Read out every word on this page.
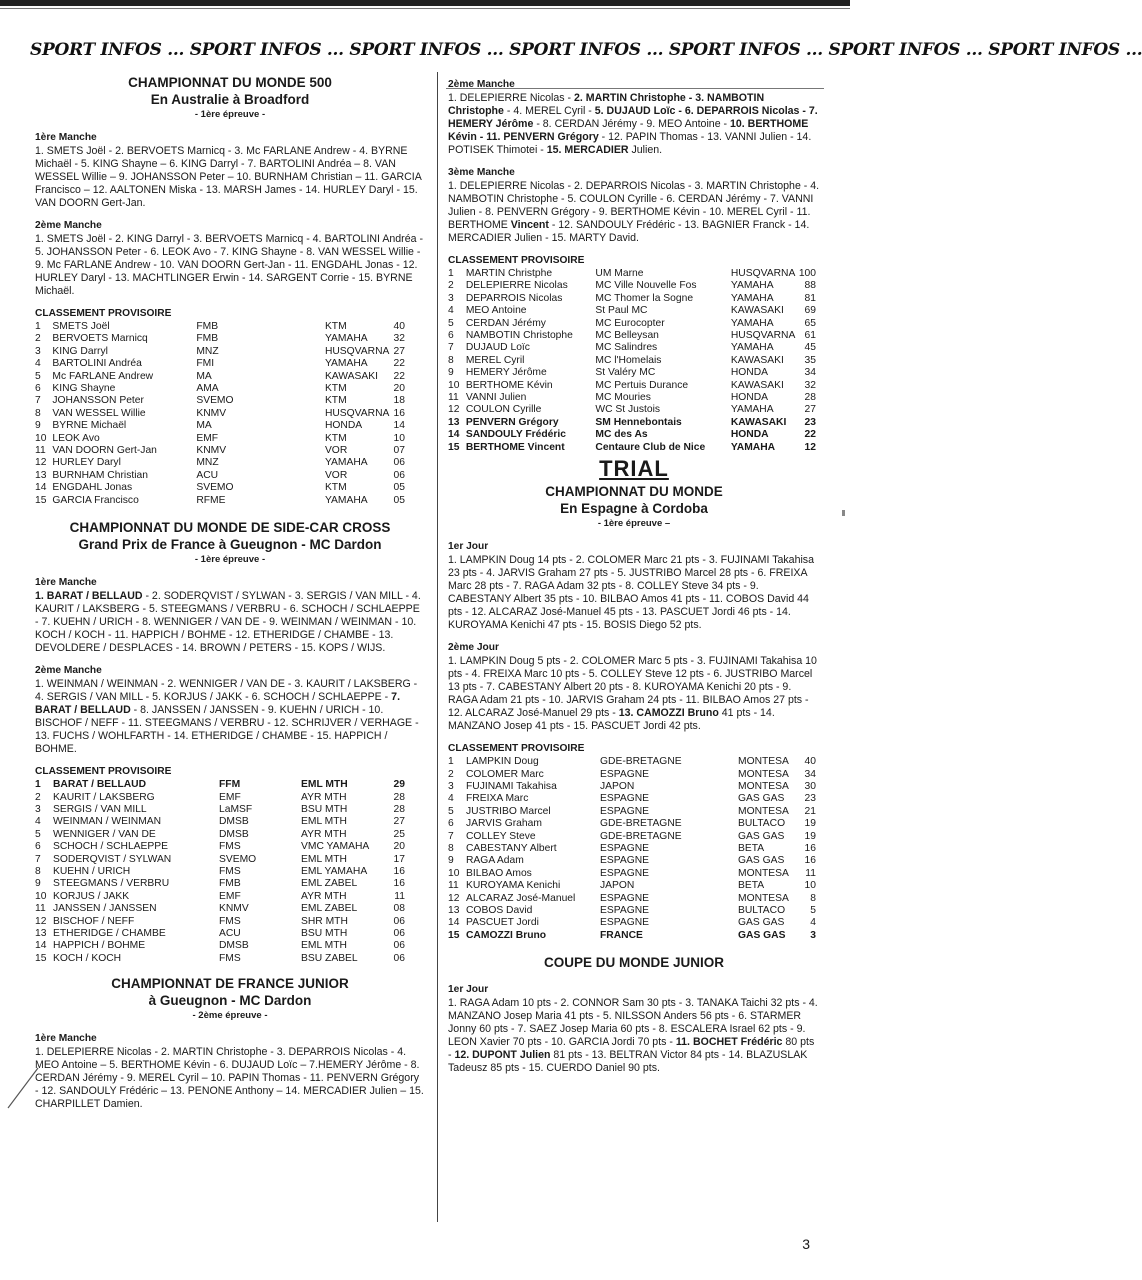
SPORT INFOS ... SPORT INFOS ... SPORT INFOS ... SPORT INFOS ... SPORT INFOS ... SPORT INFOS ... SPORT INFOS ...
CHAMPIONNAT DU MONDE 500
En Australie à Broadford
- 1ère épreuve -
1ère Manche

1. SMETS Joël - 2. BERVOETS Marnicq - 3. Mc FARLANE Andrew - 4. BYRNE Michaël - 5. KING Shayne – 6. KING Darryl - 7. BARTOLINI Andréa – 8. VAN WESSEL Willie – 9. JOHANSSON Peter – 10. BURNHAM Christian – 11. GARCIA Francisco – 12. AALTONEN Miska - 13. MARSH James - 14. HURLEY Daryl - 15. VAN DOORN Gert-Jan.

2ème Manche

1. SMETS Joël - 2. KING Darryl - 3. BERVOETS Marnicq - 4. BARTOLINI Andréa - 5. JOHANSSON Peter - 6. LEOK Avo - 7. KING Shayne - 8. VAN WESSEL Willie - 9. Mc FARLANE Andrew - 10. VAN DOORN Gert-Jan - 11. ENGDAHL Jonas - 12. HURLEY Daryl - 13. MACHTLINGER Erwin - 14. SARGENT Corrie - 15. BYRNE Michaël.

CLASSEMENT PROVISOIRE
1	SMETS Joël	FMB	KTM	40
2	BERVOETS Marnicq	FMB	YAMAHA	32
3	KING Darryl	MNZ	HUSQVARNA	27
4	BARTOLINI Andréa	FMI	YAMAHA	22
5	Mc FARLANE Andrew	MA	KAWASAKI	22
6	KING Shayne	AMA	KTM	20
7	JOHANSSON Peter	SVEMO	KTM	18
8	VAN WESSEL Willie	KNMV	HUSQVARNA	16
9	BYRNE Michaël	MA	HONDA	14
10	LEOK Avo	EMF	KTM	10
11	VAN DOORN Gert-Jan	KNMV	VOR	07
12	HURLEY Daryl	MNZ	YAMAHA	06
13	BURNHAM Christian	ACU	VOR	06
14	ENGDAHL Jonas	SVEMO	KTM	05
15	GARCIA Francisco	RFME	YAMAHA	05
CHAMPIONNAT DU MONDE DE SIDE-CAR CROSS
Grand Prix de France à Gueugnon - MC Dardon
- 1ère épreuve -
1ère Manche

1. BARAT / BELLAUD - 2. SODERQVIST / SYLWAN - 3. SERGIS / VAN MILL - 4. KAURIT / LAKSBERG - 5. STEEGMANS / VERBRU - 6. SCHOCH / SCHLAEPPE - 7. KUEHN / URICH - 8. WENNIGER / VAN DE - 9. WEINMAN / WEINMAN - 10. KOCH / KOCH - 11. HAPPICH / BOHME - 12. ETHERIDGE / CHAMBE - 13. DEVOLDERE / DESPLACES - 14. BROWN / PETERS - 15. KOPS / WIJS.

2ème Manche

1. WEINMAN / WEINMAN - 2. WENNIGER / VAN DE - 3. KAURIT / LAKSBERG - 4. SERGIS / VAN MILL - 5. KORJUS / JAKK - 6. SCHOCH / SCHLAEPPE - 7. BARAT / BELLAUD - 8. JANSSEN / JANSSEN - 9. KUEHN / URICH - 10. BISCHOF / NEFF - 11. STEEGMANS / VERBRU - 12. SCHRIJVER / VERHAGE - 13. FUCHS / WOHLFARTH - 14. ETHERIDGE / CHAMBE - 15. HAPPICH / BOHME.

CLASSEMENT PROVISOIRE
1	BARAT / BELLAUD	FFM	EML MTH	29
2	KAURIT / LAKSBERG	EMF	AYR MTH	28
3	SERGIS / VAN MILL	LaMSF	BSU MTH	28
4	WEINMAN / WEINMAN	DMSB	EML MTH	27
5	WENNIGER / VAN DE	DMSB	AYR MTH	25
6	SCHOCH / SCHLAEPPE	FMS	VMC YAMAHA	20
7	SODERQVIST / SYLWAN	SVEMO	EML MTH	17
8	KUEHN / URICH	FMS	EML YAMAHA	16
9	STEEGMANS / VERBRU	FMB	EML ZABEL	16
10	KORJUS / JAKK	EMF	AYR MTH	11
11	JANSSEN / JANSSEN	KNMV	EML ZABEL	08
12	BISCHOF / NEFF	FMS	SHR MTH	06
13	ETHERIDGE / CHAMBE	ACU	BSU MTH	06
14	HAPPICH / BOHME	DMSB	EML MTH	06
15	KOCH / KOCH	FMS	BSU ZABEL	06
CHAMPIONNAT DE FRANCE JUNIOR
à Gueugnon - MC Dardon
- 2ème épreuve -
1ère Manche

1. DELEPIERRE Nicolas - 2. MARTIN Christophe - 3. DEPARROIS Nicolas - 4. MEO Antoine – 5. BERTHOME Kévin - 6. DUJAUD Loïc – 7.HEMERY Jérôme - 8. CERDAN Jérémy - 9. MEREL Cyril – 10. PAPIN Thomas - 11. PENVERN Grégory - 12. SANDOULY Frédéric – 13. PENONE Anthony – 14. MERCADIER Julien – 15. CHARPILLET Damien.

2ème Manche

1. DELEPIERRE Nicolas - 2. MARTIN Christophe - 3. NAMBOTIN Christophe - 4. MEREL Cyril - 5. DUJAUD Loïc - 6. DEPARROIS Nicolas - 7. HEMERY Jérôme - 8. CERDAN Jérémy - 9. MEO Antoine - 10. BERTHOME Kévin - 11. PENVERN Grégory - 12. PAPIN Thomas - 13. VANNI Julien - 14. POTISEK Thimotei - 15. MERCADIER Julien.

3ème Manche

1. DELEPIERRE Nicolas - 2. DEPARROIS Nicolas - 3. MARTIN Christophe - 4. NAMBOTIN Christophe - 5. COULON Cyrille - 6. CERDAN Jérémy - 7. VANNI Julien - 8. PENVERN Grégory - 9. BERTHOME Kévin - 10. MEREL Cyril - 11. BERTHOME Vincent - 12. SANDOULY Frédéric - 13. BAGNIER Franck - 14. MERCADIER Julien - 15. MARTY David.

CLASSEMENT PROVISOIRE
1	MARTIN Christphe	UM Marne	HUSQVARNA	100
2	DELEPIERRE Nicolas	MC Ville Nouvelle Fos	YAMAHA	88
3	DEPARROIS Nicolas	MC Thomer la Sogne	YAMAHA	81
4	MEO Antoine	St Paul MC	KAWASAKI	69
5	CERDAN Jérémy	MC Eurocopter	YAMAHA	65
6	NAMBOTIN Christophe	MC Belleysan	HUSQVARNA	61
7	DUJAUD Loïc	MC Salindres	YAMAHA	45
8	MEREL Cyril	MC l'Homelais	KAWASAKI	35
9	HEMERY Jérôme	St Valéry MC	HONDA	34
10	BERTHOME Kévin	MC Pertuis Durance	KAWASAKI	32
11	VANNI Julien	MC Mouries	HONDA	28
12	COULON Cyrille	WC St Justois	YAMAHA	27
13	PENVERN Grégory	SM Hennebontais	KAWASAKI	23
14	SANDOULY Frédéric	MC des As	HONDA	22
15	BERTHOME Vincent	Centaure Club de Nice	YAMAHA	12
TRIAL
CHAMPIONNAT DU MONDE
En Espagne à Cordoba
- 1ère épreuve –
1er Jour

1. LAMPKIN Doug 14 pts - 2. COLOMER Marc 21 pts - 3. FUJINAMI Takahisa 23 pts - 4. JARVIS Graham 27 pts - 5. JUSTRIBO Marcel 28 pts - 6. FREIXA Marc 28 pts - 7. RAGA Adam 32 pts - 8. COLLEY Steve 34 pts - 9. CABESTANY Albert 35 pts - 10. BILBAO Amos 41 pts - 11. COBOS David 44 pts - 12. ALCARAZ José-Manuel 45 pts - 13. PASCUET Jordi 46 pts - 14. KUROYAMA Kenichi 47 pts - 15. BOSIS Diego 52 pts.

2ème Jour

1. LAMPKIN Doug 5 pts - 2. COLOMER Marc 5 pts - 3. FUJINAMI Takahisa 10 pts - 4. FREIXA Marc 10 pts - 5. COLLEY Steve 12 pts - 6. JUSTRIBO Marcel 13 pts - 7. CABESTANY Albert 20 pts - 8. KUROYAMA Kenichi 20 pts - 9. RAGA Adam 21 pts - 10. JARVIS Graham 24 pts - 11. BILBAO Amos 27 pts - 12. ALCARAZ José-Manuel 29 pts - 13. CAMOZZI Bruno 41 pts - 14. MANZANO Josep 41 pts - 15. PASCUET Jordi 42 pts.

CLASSEMENT PROVISOIRE
1	LAMPKIN Doug	GDE-BRETAGNE	MONTESA	40
2	COLOMER Marc	ESPAGNE	MONTESA	34
3	FUJINAMI Takahisa	JAPON	MONTESA	30
4	FREIXA Marc	ESPAGNE	GAS GAS	23
5	JUSTRIBO Marcel	ESPAGNE	MONTESA	21
6	JARVIS Graham	GDE-BRETAGNE	BULTACO	19
7	COLLEY Steve	GDE-BRETAGNE	GAS GAS	19
8	CABESTANY Albert	ESPAGNE	BETA	16
9	RAGA Adam	ESPAGNE	GAS GAS	16
10	BILBAO Amos	ESPAGNE	MONTESA	11
11	KUROYAMA Kenichi	JAPON	BETA	10
12	ALCARAZ José-Manuel	ESPAGNE	MONTESA	8
13	COBOS David	ESPAGNE	BULTACO	5
14	PASCUET Jordi	ESPAGNE	GAS GAS	4
15	CAMOZZI Bruno	FRANCE	GAS GAS	3
COUPE DU MONDE JUNIOR
1er Jour

1. RAGA Adam 10 pts - 2. CONNOR Sam 30 pts - 3. TANAKA Taichi 32 pts - 4. MANZANO Josep Maria 41 pts - 5. NILSSON Anders 56 pts - 6. STARMER Jonny 60 pts - 7. SAEZ Josep Maria 60 pts - 8. ESCALERA Israel 62 pts - 9. LEON Xavier 70 pts - 10. GARCIA Jordi 70 pts - 11. BOCHET Frédéric 80 pts - 12. DUPONT Julien 81 pts - 13. BELTRAN Victor 84 pts - 14. BLAZUSLAK Tadeusz 85 pts - 15. CUERDO Daniel 90 pts.

3
